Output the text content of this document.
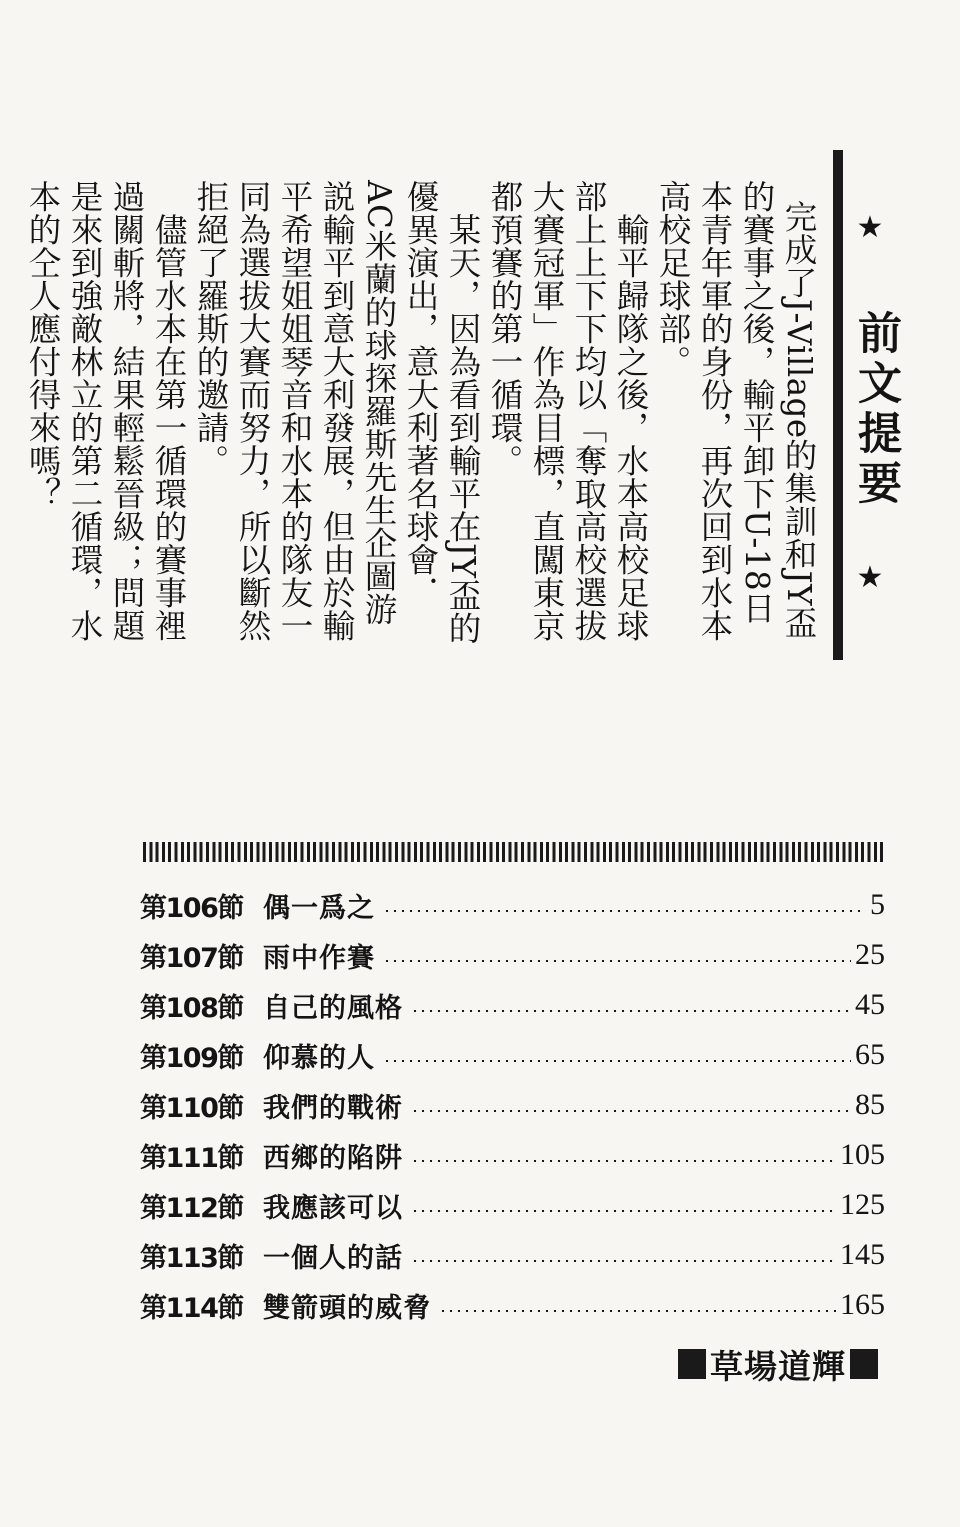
★
前文提要
★

完成了J-Village的集訓和JY盃的賽事之後，輸平卸下U-18日本青年軍的身份，再次回到水本高校足球部。

輸平歸隊之後，水本高校足球部上上下下均以「奪取高校選拔大賽冠軍」作為目標，直闖東京都預賽的第一循環。

某天，因為看到輸平在JY盃的優異演出，意大利著名球會．AC米蘭的球探羅斯先生企圖游説輸平到意大利發展，但由於輸平希望姐姐琴音和水本的隊友一同為選拔大賽而努力，所以斷然拒絕了羅斯的邀請。

儘管水本在第一循環的賽事裡過關斬將，結果輕鬆晉級；問題是來到強敵林立的第二循環，水本的仝人應付得來嗎？

第106節 偶一爲之	5
第107節 雨中作賽	25
第108節 自己的風格	45
第109節 仰慕的人	65
第110節 我們的戰術	85
第111節 西鄉的陷阱	105
第112節 我應該可以	125
第113節 一個人的話	145
第114節 雙箭頭的威脅	165
草場道輝
